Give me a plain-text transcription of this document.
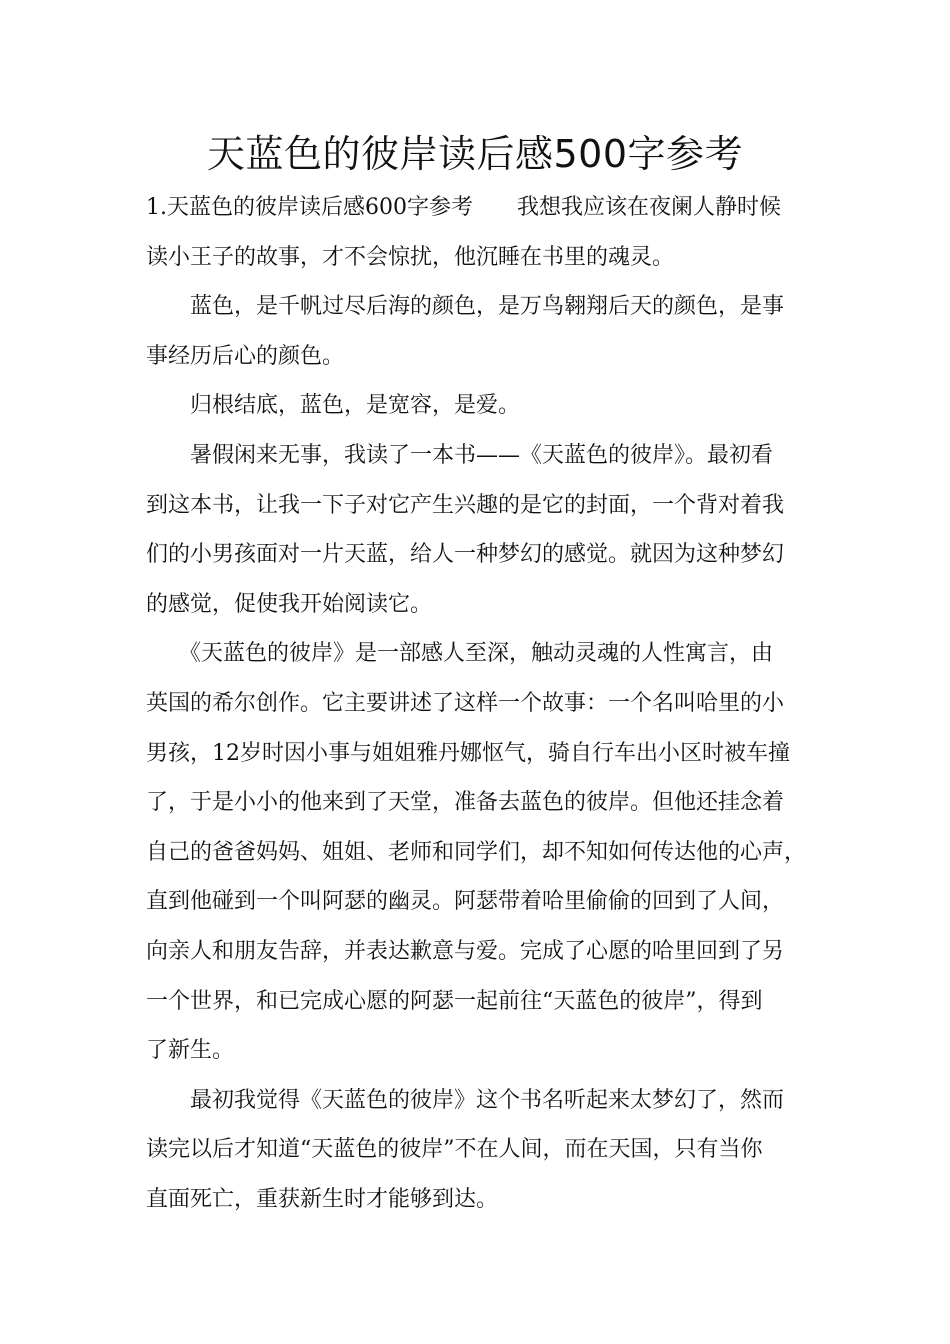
天蓝色的彼岸读后感500字参考

1.天蓝色的彼岸读后感600字参考　　我想我应该在夜阑人静时候
读小王子的故事，才不会惊扰，他沉睡在书里的魂灵。

　　蓝色，是千帆过尽后海的颜色，是万鸟翱翔后天的颜色，是事
事经历后心的颜色。

　　归根结底，蓝色，是宽容，是爱。

　　暑假闲来无事，我读了一本书——《天蓝色的彼岸》。最初看
到这本书，让我一下子对它产生兴趣的是它的封面，一个背对着我
们的小男孩面对一片天蓝，给人一种梦幻的感觉。就因为这种梦幻
的感觉，促使我开始阅读它。

　　《天蓝色的彼岸》是一部感人至深，触动灵魂的人性寓言，由
英国的希尔创作。它主要讲述了这样一个故事：一个名叫哈里的小
男孩，12岁时因小事与姐姐雅丹娜怄气，骑自行车出小区时被车撞
了，于是小小的他来到了天堂，准备去蓝色的彼岸。但他还挂念着
自己的爸爸妈妈、姐姐、老师和同学们，却不知如何传达他的心声，
直到他碰到一个叫阿瑟的幽灵。阿瑟带着哈里偷偷的回到了人间，
向亲人和朋友告辞，并表达歉意与爱。完成了心愿的哈里回到了另
一个世界，和已完成心愿的阿瑟一起前往“天蓝色的彼岸”，得到
了新生。

　　最初我觉得《天蓝色的彼岸》这个书名听起来太梦幻了，然而
读完以后才知道“天蓝色的彼岸”不在人间，而在天国，只有当你
直面死亡，重获新生时才能够到达。
